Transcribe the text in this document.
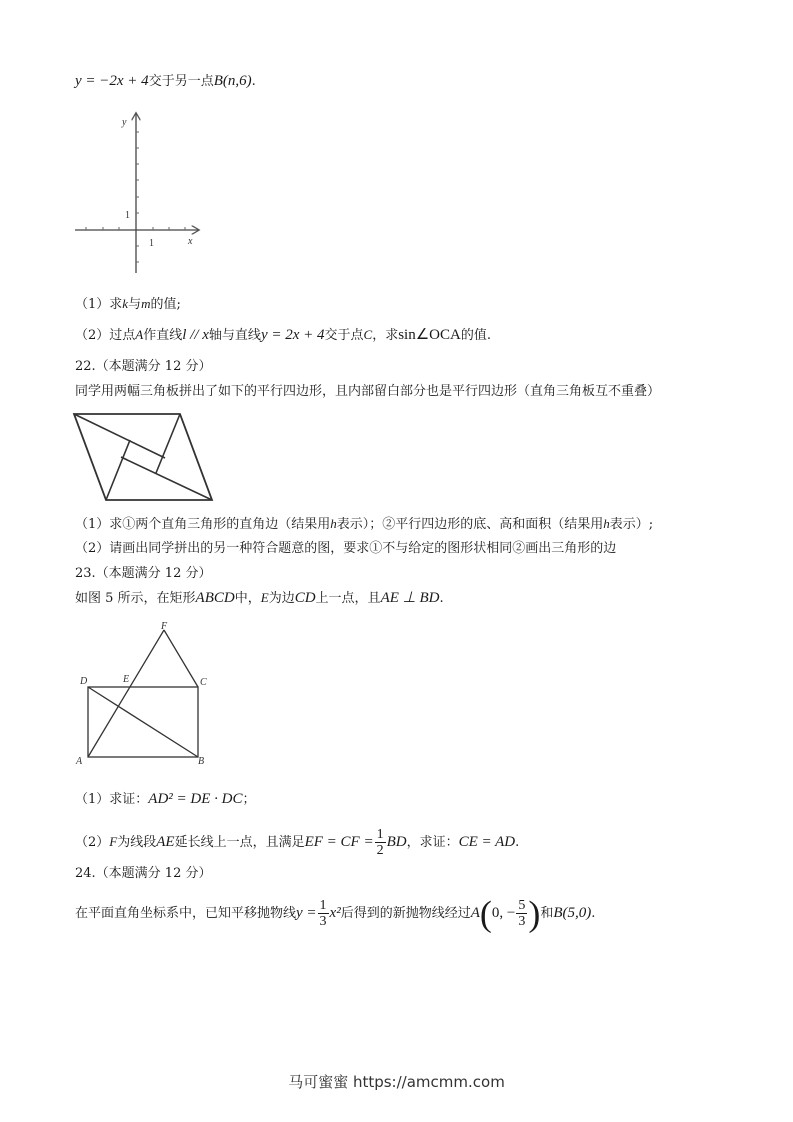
y = −2x + 4交于另一点B(n,6).
y
x
1
1
（1）求k与m的值;
（2）过点A作直线l // x轴与直线y = 2x + 4交于点C，求sin∠OCA的值.
22.（本题满分 12 分）
同学用两幅三角板拼出了如下的平行四边形，且内部留白部分也是平行四边形（直角三角板互不重叠）
（1）求①两个直角三角形的直角边（结果用h表示）；②平行四边形的底、高和面积（结果用h表示）;
（2）请画出同学拼出的另一种符合题意的图，要求①不与给定的图形状相同②画出三角形的边
23.（本题满分 12 分）
如图 5 所示，在矩形ABCD中，E为边CD上一点，且AE ⊥ BD.
F
D	E	C
A	B
（1）求证：AD² = DE · DC；
（2）F为线段AE延长线上一点，且满足EF = CF = $\frac{1}{2}$ BD，求证：CE = AD.
24.（本题满分 12 分）
在平面直角坐标系中，已知平移抛物线$y = \frac{1}{3} x^2$后得到的新抛物线经过A(0, − $\frac{5}{3}$ )和B(5,0).
马可蜜蜜 https://amcmm.com
